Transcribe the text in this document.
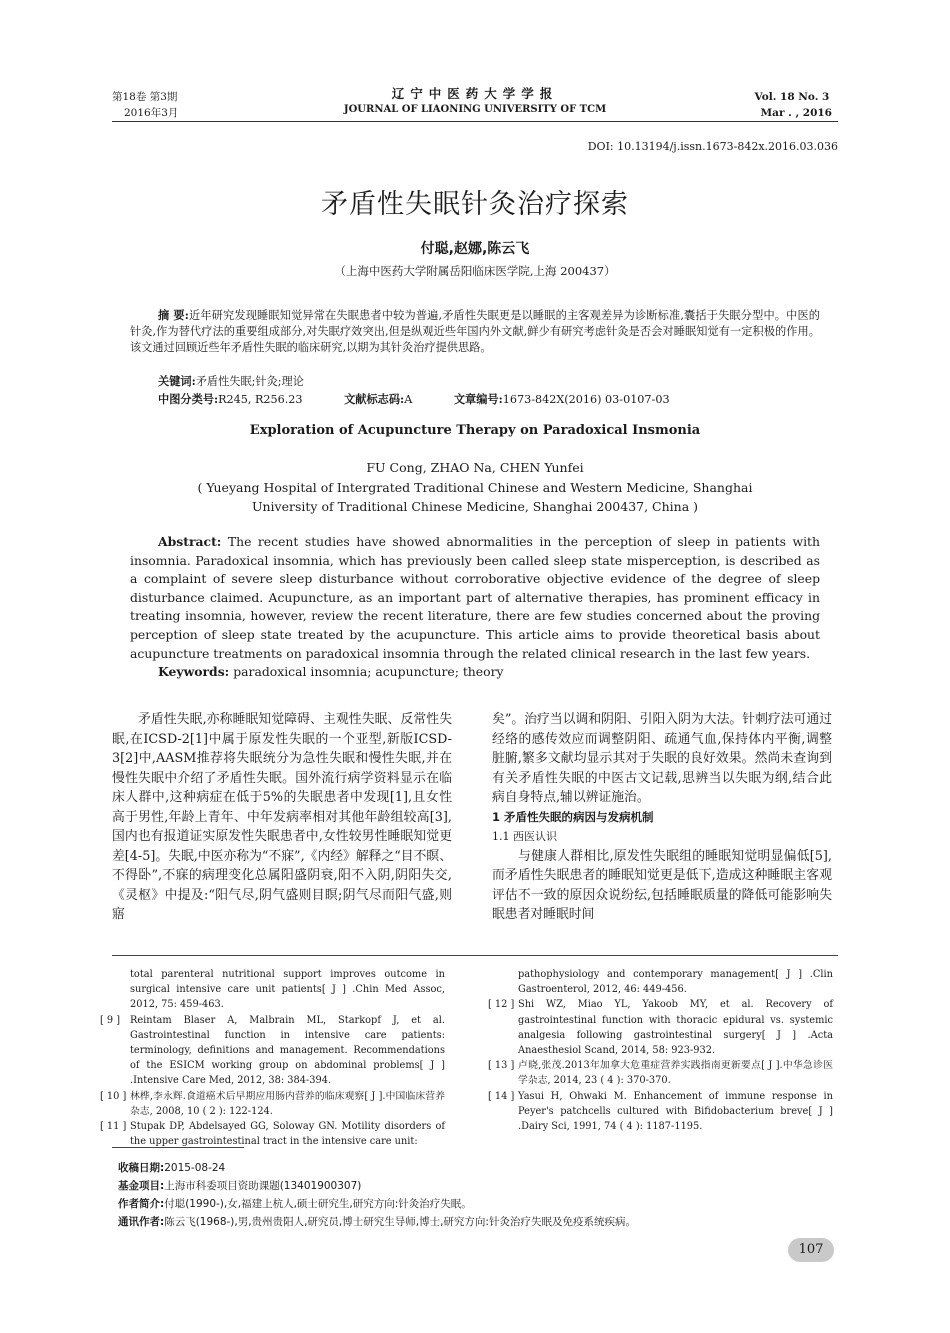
第18卷 第3期
2016年3月
辽宁中医药大学学报
JOURNAL OF LIAONING UNIVERSITY OF TCM
Vol. 18 No. 3
Mar . , 2016
DOI: 10.13194/j.issn.1673-842x.2016.03.036
矛盾性失眠针灸治疗探索
付聪,赵娜,陈云飞
（上海中医药大学附属岳阳临床医学院,上海 200437）
摘 要:近年研究发现睡眠知觉异常在失眠患者中较为普遍,矛盾性失眠更是以睡眠的主客观差异为诊断标准,囊括于失眠分型中。中医的针灸,作为替代疗法的重要组成部分,对失眠疗效突出,但是纵观近些年国内外文献,鲜少有研究考虑针灸是否会对睡眠知觉有一定积极的作用。该文通过回顾近些年矛盾性失眠的临床研究,以期为其针灸治疗提供思路。
关键词:矛盾性失眠;针灸;理论
中图分类号:R245, R256.23	文献标志码:A	文章编号:1673-842X(2016) 03-0107-03
Exploration of Acupuncture Therapy on Paradoxical Insmonia
FU Cong, ZHAO Na, CHEN Yunfei
( Yueyang Hospital of Intergrated Traditional Chinese and Western Medicine, Shanghai
University of Traditional Chinese Medicine, Shanghai 200437, China )
Abstract: The recent studies have showed abnormalities in the perception of sleep in patients with insomnia. Paradoxical insomnia, which has previously been called sleep state misperception, is described as a complaint of severe sleep disturbance without corroborative objective evidence of the degree of sleep disturbance claimed. Acupuncture, as an important part of alternative therapies, has prominent efficacy in treating insomnia, however, review the recent literature, there are few studies concerned about the proving perception of sleep state treated by the acupuncture. This article aims to provide theoretical basis about acupuncture treatments on paradoxical insomnia through the related clinical research in the last few years.
Keywords: paradoxical insomnia; acupuncture; theory

矛盾性失眠,亦称睡眠知觉障碍、主观性失眠、反常性失眠,在ICSD-2[1]中属于原发性失眠的一个亚型,新版ICSD-3[2]中,AASM推荐将失眠统分为急性失眠和慢性失眠,并在慢性失眠中介绍了矛盾性失眠。国外流行病学资料显示在临床人群中,这种病症在低于5%的失眠患者中发现[1],且女性高于男性,年龄上青年、中年发病率相对其他年龄组较高[3],国内也有报道证实原发性失眠患者中,女性较男性睡眠知觉更差[4-5]。失眠,中医亦称为“不寐”,《内经》解释之“目不瞑、不得卧”,不寐的病理变化总属阳盛阴衰,阳不入阴,阴阳失交,《灵枢》中提及:“阳气尽,阴气盛则目瞑;阴气尽而阳气盛,则寤

矣”。治疗当以调和阴阳、引阳入阴为大法。针刺疗法可通过经络的感传效应而调整阴阳、疏通气血,保持体内平衡,调整脏腑,繁多文献均显示其对于失眠的良好效果。然尚未查询到有关矛盾性失眠的中医古文记载,思辨当以失眠为纲,结合此病自身特点,辅以辨证施治。

1 矛盾性失眠的病因与发病机制
1.1 西医认识

与健康人群相比,原发性失眠组的睡眠知觉明显偏低[5],而矛盾性失眠患者的睡眠知觉更是低下,造成这种睡眠主客观评估不一致的原因众说纷纭,包括睡眠质量的降低可能影响失眠患者对睡眠时间

total parenteral nutritional support improves outcome in surgical intensive care unit patients[ J ] .Chin Med Assoc, 2012, 75: 459-463.
[ 9 ]	Reintam Blaser A, Malbrain ML, Starkopf J, et al. Gastrointestinal function in intensive care patients: terminology, definitions and management. Recommendations of the ESICM working group on abdominal problems[ J ] .Intensive Care Med, 2012, 38: 384-394.
[ 10 ] 林桦,李永辉.食道癌术后早期应用肠内营养的临床观察[ J ].中国临床营养杂志, 2008, 10 ( 2 ): 122-124.
[ 11 ] Stupak DP, Abdelsayed GG, Soloway GN. Motility disorders of the upper gastrointestinal tract in the intensive care unit:
pathophysiology and contemporary management[ J ] .Clin Gastroenterol, 2012, 46: 449-456.
[ 12 ] Shi WZ, Miao YL, Yakoob MY, et al. Recovery of gastrointestinal function with thoracic epidural vs. systemic analgesia following gastrointestinal surgery[ J ] .Acta Anaesthesiol Scand, 2014, 58: 923-932.
[ 13 ] 卢晓,张茂.2013年加拿大危重症营养实践指南更新要点[ J ].中华急诊医学杂志, 2014, 23 ( 4 ): 370-370.
[ 14 ] Yasui H, Ohwaki M. Enhancement of immune response in Peyer's patchcells cultured with Bifidobacterium breve[ J ] .Dairy Sci, 1991, 74 ( 4 ): 1187-1195.
收稿日期:2015-08-24
基金项目:上海市科委项目资助课题(13401900307)
作者简介:付聪(1990-),女,福建上杭人,硕士研究生,研究方向:针灸治疗失眠。
通讯作者:陈云飞(1968-),男,贵州贵阳人,研究员,博士研究生导师,博士,研究方向:针灸治疗失眠及免疫系统疾病。
107
